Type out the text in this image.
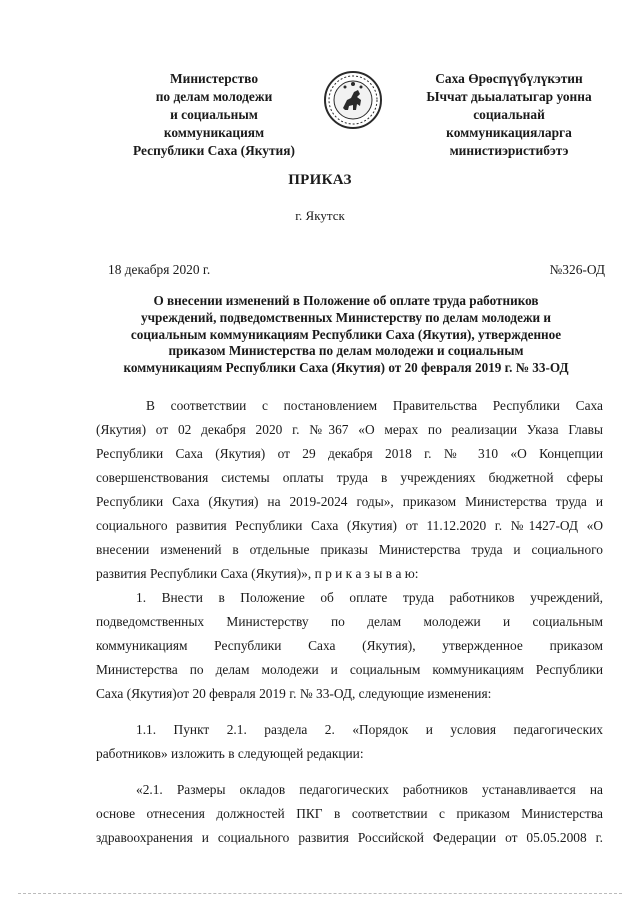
Министерство
по делам молодежи
и социальным
коммуникациям
Республики Саха (Якутия)
Саха Өрөспүүбүлүкэтин
Ыччат дьыалатыгар уонна
социальнай
коммуникацияларга
министиэристибэтэ
ПРИКАЗ
г. Якутск
18 декабря 2020 г.	№326-ОД
О внесении изменений в Положение об оплате труда работников
учреждений, подведомственных Министерству по делам молодежи и
социальным коммуникациям Республики Саха (Якутия), утвержденное
приказом Министерства по делам молодежи и социальным
коммуникациям Республики Саха (Якутия) от 20 февраля 2019 г. № 33-ОД
В соответствии с постановлением Правительства Республики Саха
(Якутия) от 02 декабря 2020 г. №367 «О мерах по реализации Указа Главы
Республики Саха (Якутия) от 29 декабря 2018 г. № 310 «О Концепции
совершенствования системы оплаты труда в учреждениях бюджетной сферы
Республики Саха (Якутия) на 2019-2024 годы», приказом Министерства труда и
социального развития Республики Саха (Якутия) от 11.12.2020 г. №1427-ОД «О
внесении изменений в отдельные приказы Министерства труда и социального
развития Республики Саха (Якутия)», п р и к а з ы в а ю:
1. Внести в Положение об оплате труда работников учреждений,
подведомственных Министерству по делам молодежи и социальным
коммуникациям Республики Саха (Якутия), утвержденное приказом
Министерства по делам молодежи и социальным коммуникациям Республики
Саха (Якутия)от 20 февраля 2019 г. № 33-ОД, следующие изменения:
1.1. Пункт 2.1. раздела 2. «Порядок и условия педагогических
работников» изложить в следующей редакции:
«2.1. Размеры окладов педагогических работников устанавливается на
основе отнесения должностей ПКГ в соответствии с приказом Министерства
здравоохранения и социального развития Российской Федерации от 05.05.2008 г.
